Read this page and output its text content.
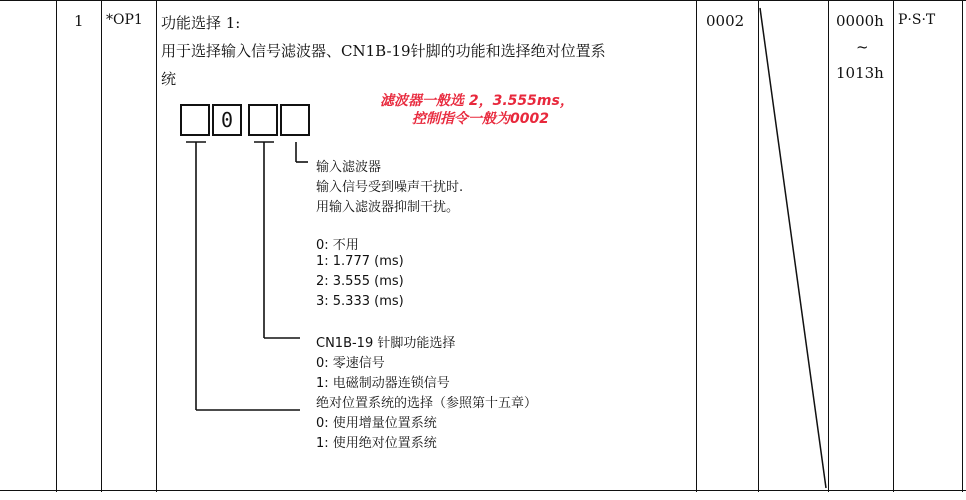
1 *OP1 功能选择 1:
用于选择输入信号滤波器、CN1B-19针脚的功能和选择绝对位置系
统
0002	0000h
~
1013h
P·S·T
0
滤波器一般选 2，3.555ms，
控制指令一般为0002
输入滤波器
输入信号受到噪声干扰时.
用输入滤波器抑制干扰。
0: 不用
1: 1.777 (ms)
2: 3.555 (ms)
3: 5.333 (ms)
CN1B-19 针脚功能选择
0: 零速信号
1: 电磁制动器连锁信号
绝对位置系统的选择（参照第十五章）
0: 使用增量位置系统
1: 使用绝对位置系统
